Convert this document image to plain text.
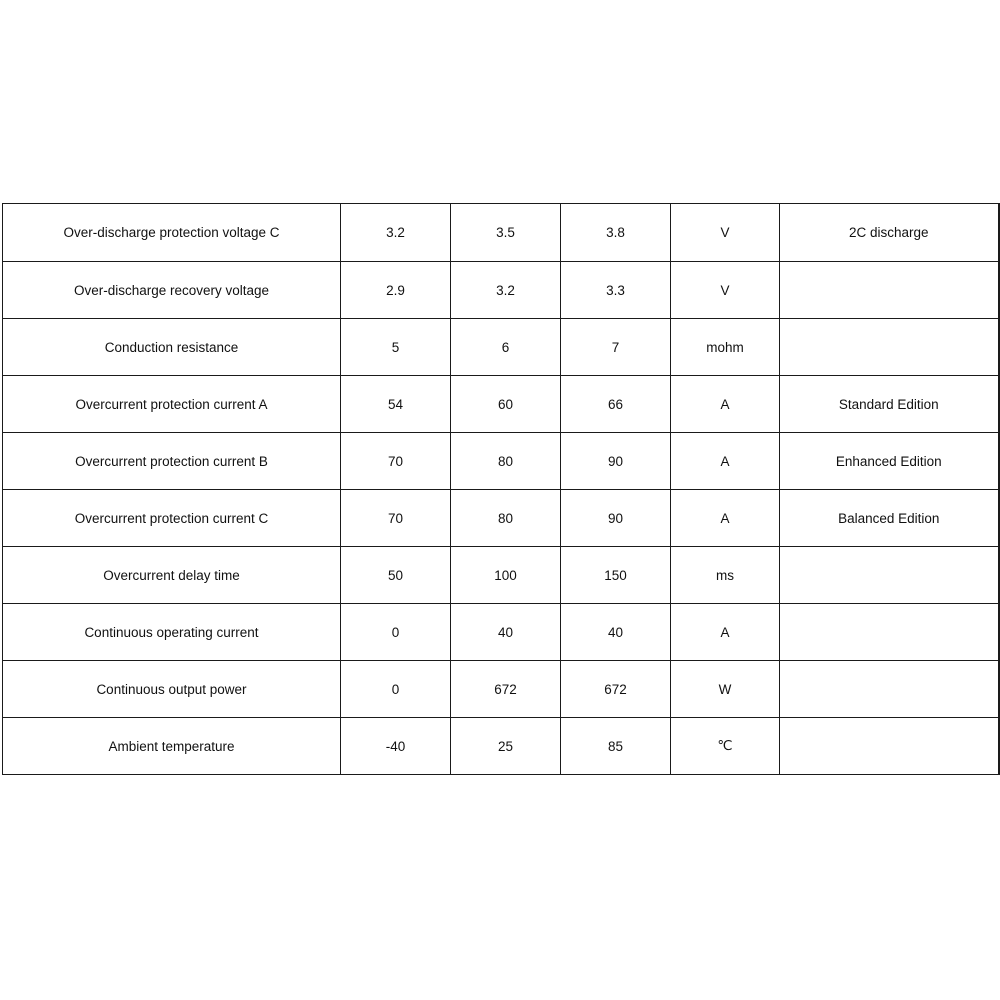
Over-discharge protection voltage C	3.2	3.5	3.8	V	2C discharge
Over-discharge recovery voltage	2.9	3.2	3.3	V	
Conduction resistance	5	6	7	mohm	
Overcurrent protection current A	54	60	66	A	Standard Edition
Overcurrent protection current B	70	80	90	A	Enhanced Edition
Overcurrent protection current C	70	80	90	A	Balanced Edition
Overcurrent delay time	50	100	150	ms	
Continuous operating current	0	40	40	A	
Continuous output power	0	672	672	W	
Ambient temperature	-40	25	85	℃	
